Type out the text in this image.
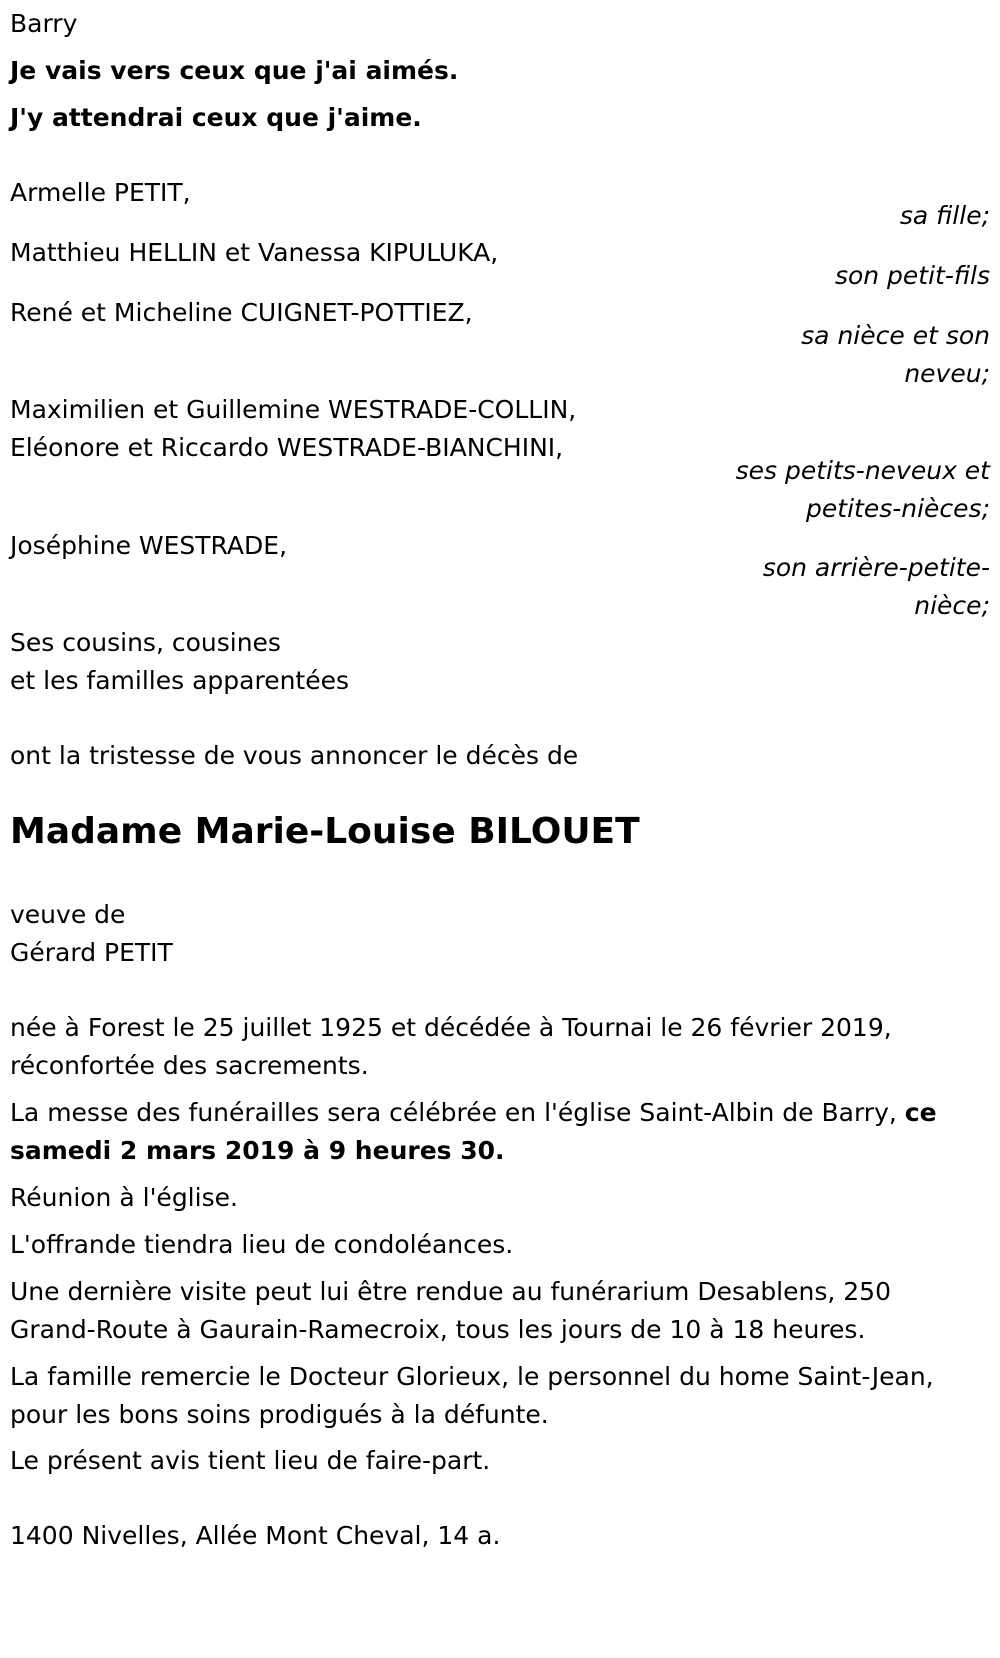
Barry

Je vais vers ceux que j'ai aimés.

J'y attendrai ceux que j'aime.

Armelle PETIT,

sa fille;

Matthieu HELLIN et Vanessa KIPULUKA,

son petit-fils

René et Micheline CUIGNET-POTTIEZ,

sa nièce et son

neveu;

Maximilien et Guillemine WESTRADE-COLLIN,

Eléonore et Riccardo WESTRADE-BIANCHINI,

ses petits-neveux et

petites-nièces;

Joséphine WESTRADE,

son arrière-petite-

nièce;

Ses cousins, cousines

et les familles apparentées

ont la tristesse de vous annoncer le décès de

Madame Marie-Louise BILOUET

veuve de

Gérard PETIT

née à Forest le 25 juillet 1925 et décédée à Tournai le 26 février 2019,

réconfortée des sacrements.

La messe des funérailles sera célébrée en l'église Saint-Albin de Barry, ce

samedi 2 mars 2019 à 9 heures 30.

Réunion à l'église.

L'offrande tiendra lieu de condoléances.

Une dernière visite peut lui être rendue au funérarium Desablens, 250

Grand-Route à Gaurain-Ramecroix, tous les jours de 10 à 18 heures.

La famille remercie le Docteur Glorieux, le personnel du home Saint-Jean,

pour les bons soins prodigués à la défunte.

Le présent avis tient lieu de faire-part.

1400 Nivelles, Allée Mont Cheval, 14 a.
